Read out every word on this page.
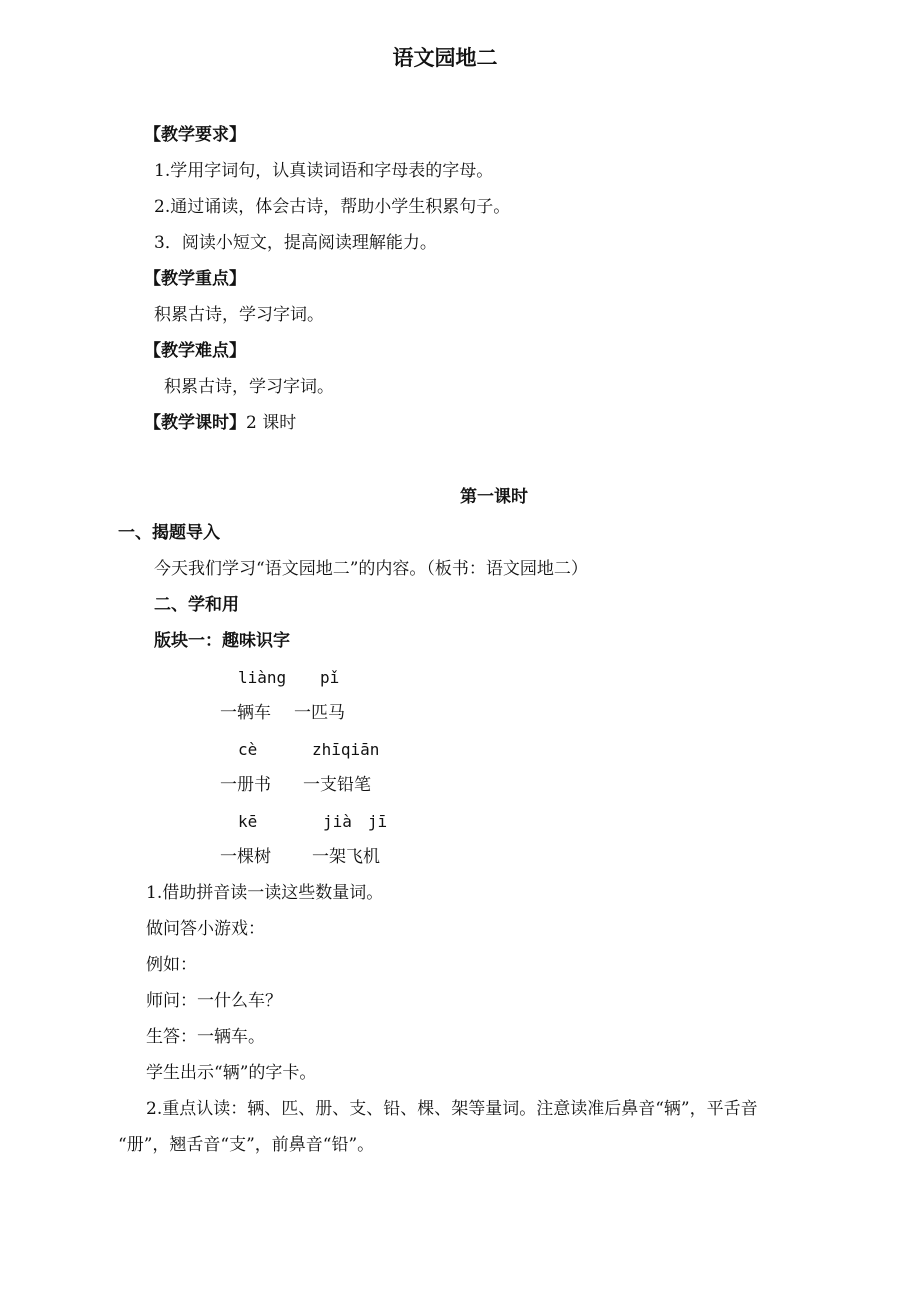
语文园地二
【教学要求】
1.学用字词句，认真读词语和字母表的字母。
2.通过诵读，体会古诗，帮助小学生积累句子。
3．阅读小短文，提高阅读理解能力。
【教学重点】
积累古诗，学习字词。
【教学难点】
积累古诗，学习字词。
【教学课时】2 课时
第一课时
一、揭题导入
今天我们学习“语文园地二”的内容。（板书：语文园地二）
二、学和用
版块一：趣味识字
liàng pǐ
一辆车 一匹马
cè	zhīqiān
一册书 一支铅笔
kē	jià　jī
一棵树 一架飞机
1.借助拼音读一读这些数量词。
做问答小游戏：
例如：
师问：一什么车？
生答：一辆车。
学生出示“辆”的字卡。
2.重点认读：辆、匹、册、支、铅、棵、架等量词。注意读准后鼻音“辆”，平舌音
“册”，翘舌音“支”，前鼻音“铅”。
